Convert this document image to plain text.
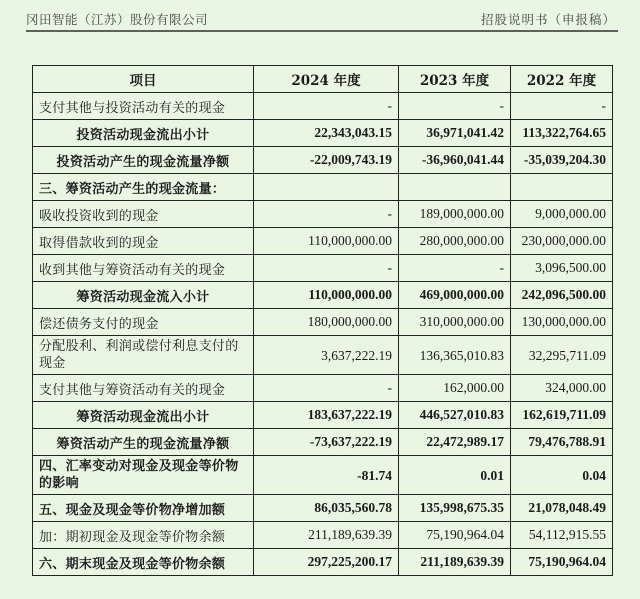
冈田智能（江苏）股份有限公司	招股说明书（申报稿）
项目	2024 年度	2023 年度	2022 年度
支付其他与投资活动有关的现金	-	-	-
投资活动现金流出小计	22,343,043.15	36,971,041.42	113,322,764.65
投资活动产生的现金流量净额	-22,009,743.19	-36,960,041.44	-35,039,204.30
三、筹资活动产生的现金流量：			
吸收投资收到的现金	-	189,000,000.00	9,000,000.00
取得借款收到的现金	110,000,000.00	280,000,000.00	230,000,000.00
收到其他与筹资活动有关的现金	-	-	3,096,500.00
筹资活动现金流入小计	110,000,000.00	469,000,000.00	242,096,500.00
偿还债务支付的现金	180,000,000.00	310,000,000.00	130,000,000.00
分配股利、利润或偿付利息支付的现金	3,637,222.19	136,365,010.83	32,295,711.09
支付其他与筹资活动有关的现金	-	162,000.00	324,000.00
筹资活动现金流出小计	183,637,222.19	446,527,010.83	162,619,711.09
筹资活动产生的现金流量净额	-73,637,222.19	22,472,989.17	79,476,788.91
四、汇率变动对现金及现金等价物的影响	-81.74	0.01	0.04
五、现金及现金等价物净增加额	86,035,560.78	135,998,675.35	21,078,048.49
加：期初现金及现金等价物余额	211,189,639.39	75,190,964.04	54,112,915.55
六、期末现金及现金等价物余额	297,225,200.17	211,189,639.39	75,190,964.04
